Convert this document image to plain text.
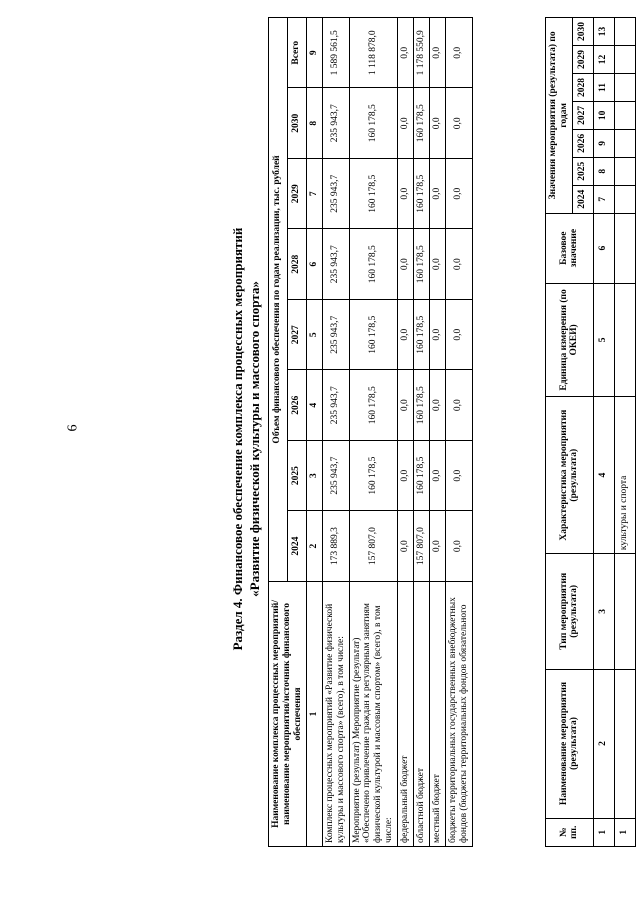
6
№ пп.	Наименование мероприятия (результата)	Тип мероприятия (результата)	Характеристика мероприятия (результата)	Единица измерения (по ОКЕИ)	Базовое значение	Значения мероприятия (результата) по годам						
						2024	2025	2026	2027	2028	2029	2030
1	2	3	4	5	6	7	8	9	10	11	12	13
1			культуры и спорта									
Раздел 4. Финансовое обеспечение комплекса процессных мероприятий «Развитие физической культуры и массового спорта»
Наименование комплекса процессных мероприятий/наименование мероприятия/источник финансового обеспечения	Объем финансового обеспечения по годам реализации, тыс. рублей							
	2024	2025	2026	2027	2028	2029	2030	Всего
1	2	3	4	5	6	7	8	9
Комплекс процессных мероприятий «Развитие физической культуры и массового спорта» (всего), в том числе:	173 889,3	235 943,7	235 943,7	235 943,7	235 943,7	235 943,7	235 943,7	1 589 561,5
Мероприятие (результат) Мероприятие (результат) «Обеспечено привлечение граждан к регулярным занятиям физической культурой и массовым спортом» (всего), в том числе:	157 807,0	160 178,5	160 178,5	160 178,5	160 178,5	160 178,5	160 178,5	1 118 878,0
федеральный бюджет	0,0	0,0	0,0	0,0	0,0	0,0	0,0	0,0
областной бюджет	157 807,0	160 178,5	160 178,5	160 178,5	160 178,5	160 178,5	160 178,5	1 178 550,9
местный бюджет	0,0	0,0	0,0	0,0	0,0	0,0	0,0	0,0
бюджеты территориальных государственных внебюджетных фондов (бюджеты территориальных фондов обязательного	0,0	0,0	0,0	0,0	0,0	0,0	0,0	0,0
